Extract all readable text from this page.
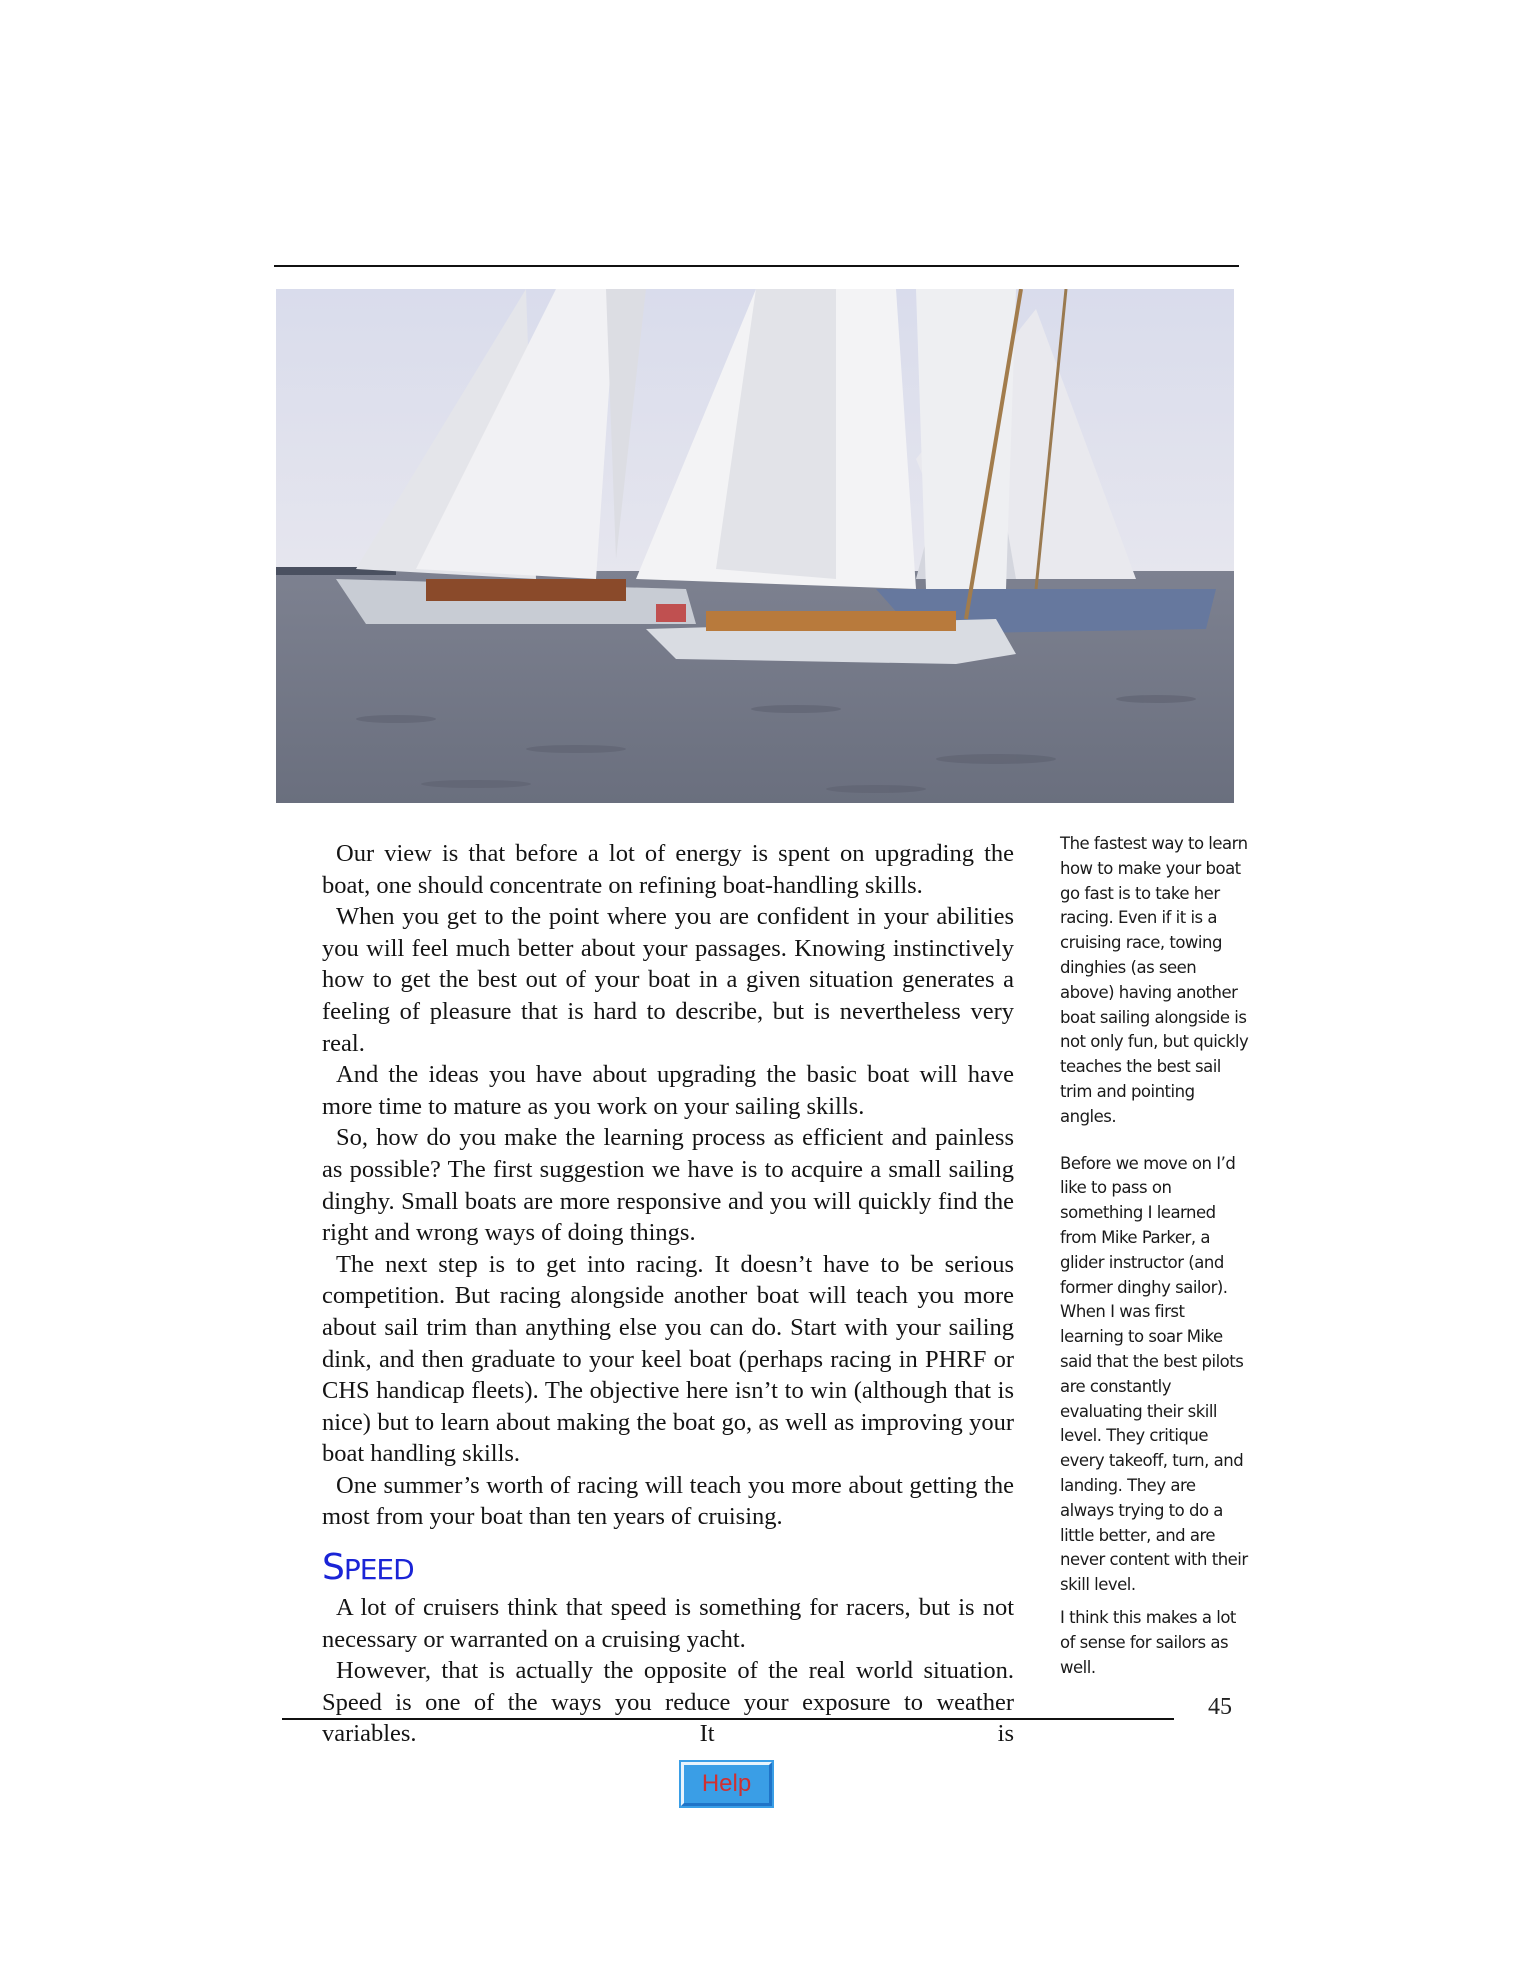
Our view is that before a lot of energy is spent on upgrading the boat, one should concentrate on refining boat-handling skills.

When you get to the point where you are confident in your abilities you will feel much better about your passages. Knowing instinctively how to get the best out of your boat in a given situation generates a feeling of pleasure that is hard to describe, but is nevertheless very real.

And the ideas you have about upgrading the basic boat will have more time to mature as you work on your sailing skills.

So, how do you make the learning process as efficient and painless as possible? The first suggestion we have is to acquire a small sailing dinghy. Small boats are more responsive and you will quickly find the right and wrong ways of doing things.

The next step is to get into racing. It doesn’t have to be serious competition. But racing alongside another boat will teach you more about sail trim than anything else you can do. Start with your sailing dink, and then graduate to your keel boat (perhaps racing in PHRF or CHS handicap fleets). The objective here isn’t to win (although that is nice) but to learn about making the boat go, as well as improving your boat handling skills.

One summer’s worth of racing will teach you more about getting the most from your boat than ten years of cruising.

SPEED

A lot of cruisers think that speed is something for racers, but is not necessary or warranted on a cruising yacht.

However, that is actually the opposite of the real world situation. Speed is one of the ways you reduce your exposure to weather variables. It is

The fastest way to learn how to make your boat go fast is to take her racing. Even if it is a cruising race, towing dinghies (as seen above) having another boat sailing alongside is not only fun, but quickly teaches the best sail trim and pointing angles.

Before we move on I’d like to pass on something I learned from Mike Parker, a glider instructor (and former dinghy sailor). When I was first learning to soar Mike said that the best pilots are constantly evaluating their skill level. They critique every takeoff, turn, and landing. They are always trying to do a little better, and are never content with their skill level.

I think this makes a lot of sense for sailors as well.

45
Help
